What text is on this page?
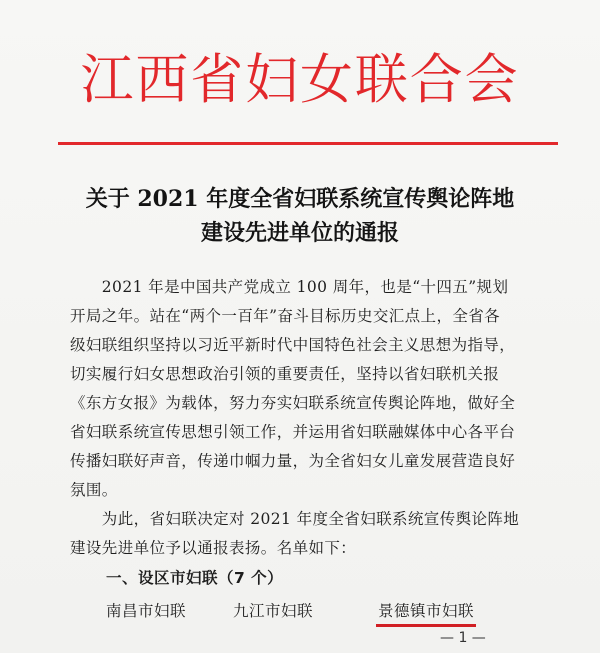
江西省妇女联合会
关于 2021 年度全省妇联系统宣传舆论阵地
建设先进单位的通报
　　2021 年是中国共产党成立 100 周年，也是“十四五”规划
开局之年。站在“两个一百年”奋斗目标历史交汇点上，全省各
级妇联组织坚持以习近平新时代中国特色社会主义思想为指导，
切实履行妇女思想政治引领的重要责任，坚持以省妇联机关报
《东方女报》为载体，努力夯实妇联系统宣传舆论阵地，做好全
省妇联系统宣传思想引领工作，并运用省妇联融媒体中心各平台
传播妇联好声音，传递巾帼力量，为全省妇女儿童发展营造良好
氛围。
　　为此，省妇联决定对 2021 年度全省妇联系统宣传舆论阵地
建设先进单位予以通报表扬。名单如下：
一、设区市妇联（7 个）
南昌市妇联	九江市妇联	景德镇市妇联
— 1 —
